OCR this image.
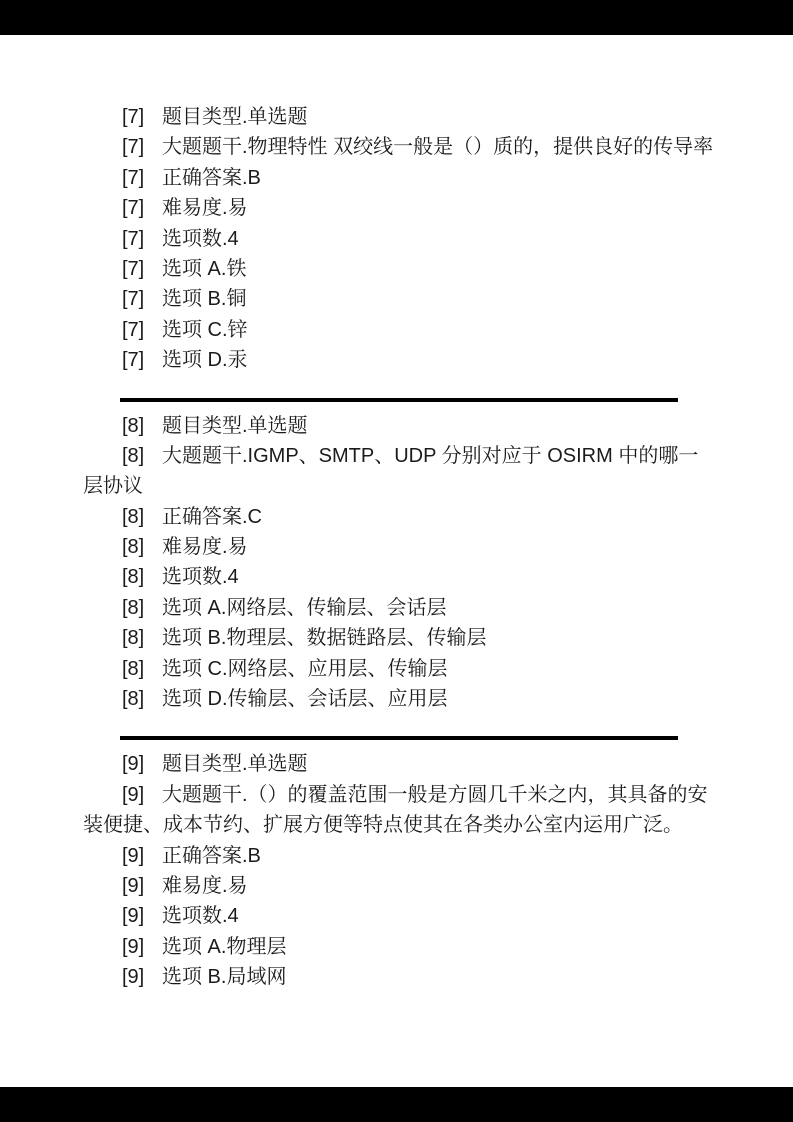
[7] 题目类型.单选题
[7] 大题题干.物理特性 双绞线一般是（）质的，提供良好的传导率
[7] 正确答案.B
[7] 难易度.易
[7] 选项数.4
[7] 选项 A.铁
[7] 选项 B.铜
[7] 选项 C.锌
[7] 选项 D.汞
[8] 题目类型.单选题
[8] 大题题干.IGMP、SMTP、UDP 分别对应于 OSIRM 中的哪一
层协议
[8] 正确答案.C
[8] 难易度.易
[8] 选项数.4
[8] 选项 A.网络层、传输层、会话层
[8] 选项 B.物理层、数据链路层、传输层
[8] 选项 C.网络层、应用层、传输层
[8] 选项 D.传输层、会话层、应用层
[9] 题目类型.单选题
[9] 大题题干.（）的覆盖范围一般是方圆几千米之内，其具备的安
装便捷、成本节约、扩展方便等特点使其在各类办公室内运用广泛。
[9] 正确答案.B
[9] 难易度.易
[9] 选项数.4
[9] 选项 A.物理层
[9] 选项 B.局域网
